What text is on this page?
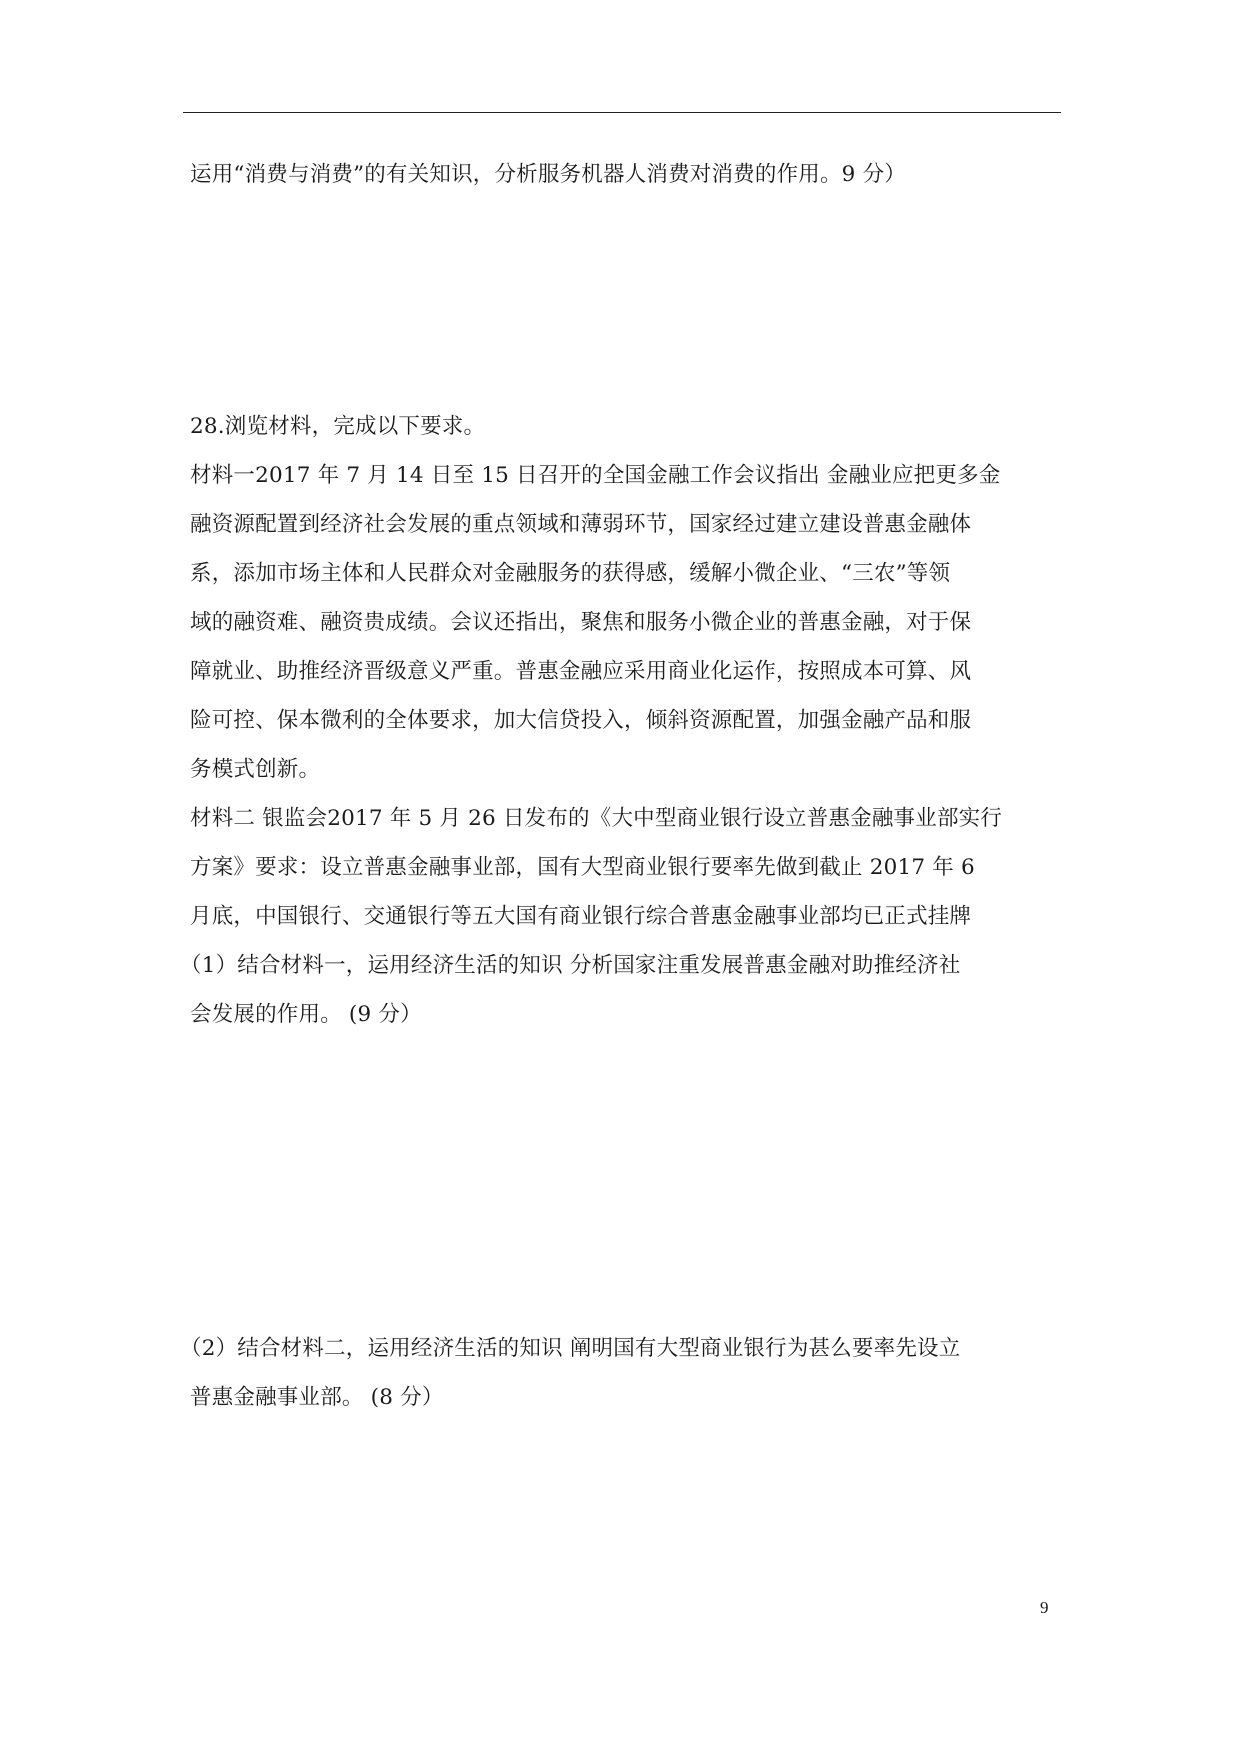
运用“消费与消费”的有关知识，分析服务机器人消费对消费的作用。9 分）
28.浏览材料，完成以下要求。
材料一2017 年 7 月 14 日至 15 日召开的全国金融工作会议指出 金融业应把更多金
融资源配置到经济社会发展的重点领域和薄弱环节，国家经过建立建设普惠金融体
系，添加市场主体和人民群众对金融服务的获得感，缓解小微企业、“三农”等领
域的融资难、融资贵成绩。会议还指出，聚焦和服务小微企业的普惠金融，对于保
障就业、助推经济晋级意义严重。普惠金融应采用商业化运作，按照成本可算、风
险可控、保本微利的全体要求，加大信贷投入，倾斜资源配置，加强金融产品和服
务模式创新。
材料二 银监会2017 年 5 月 26 日发布的《大中型商业银行设立普惠金融事业部实行
方案》要求：设立普惠金融事业部，国有大型商业银行要率先做到截止 2017 年 6
月底，中国银行、交通银行等五大国有商业银行综合普惠金融事业部均已正式挂牌
（1）结合材料一，运用经济生活的知识 分析国家注重发展普惠金融对助推经济社
会发展的作用。 (9 分）
（2）结合材料二，运用经济生活的知识 阐明国有大型商业银行为甚么要率先设立
普惠金融事业部。 (8 分）
9
